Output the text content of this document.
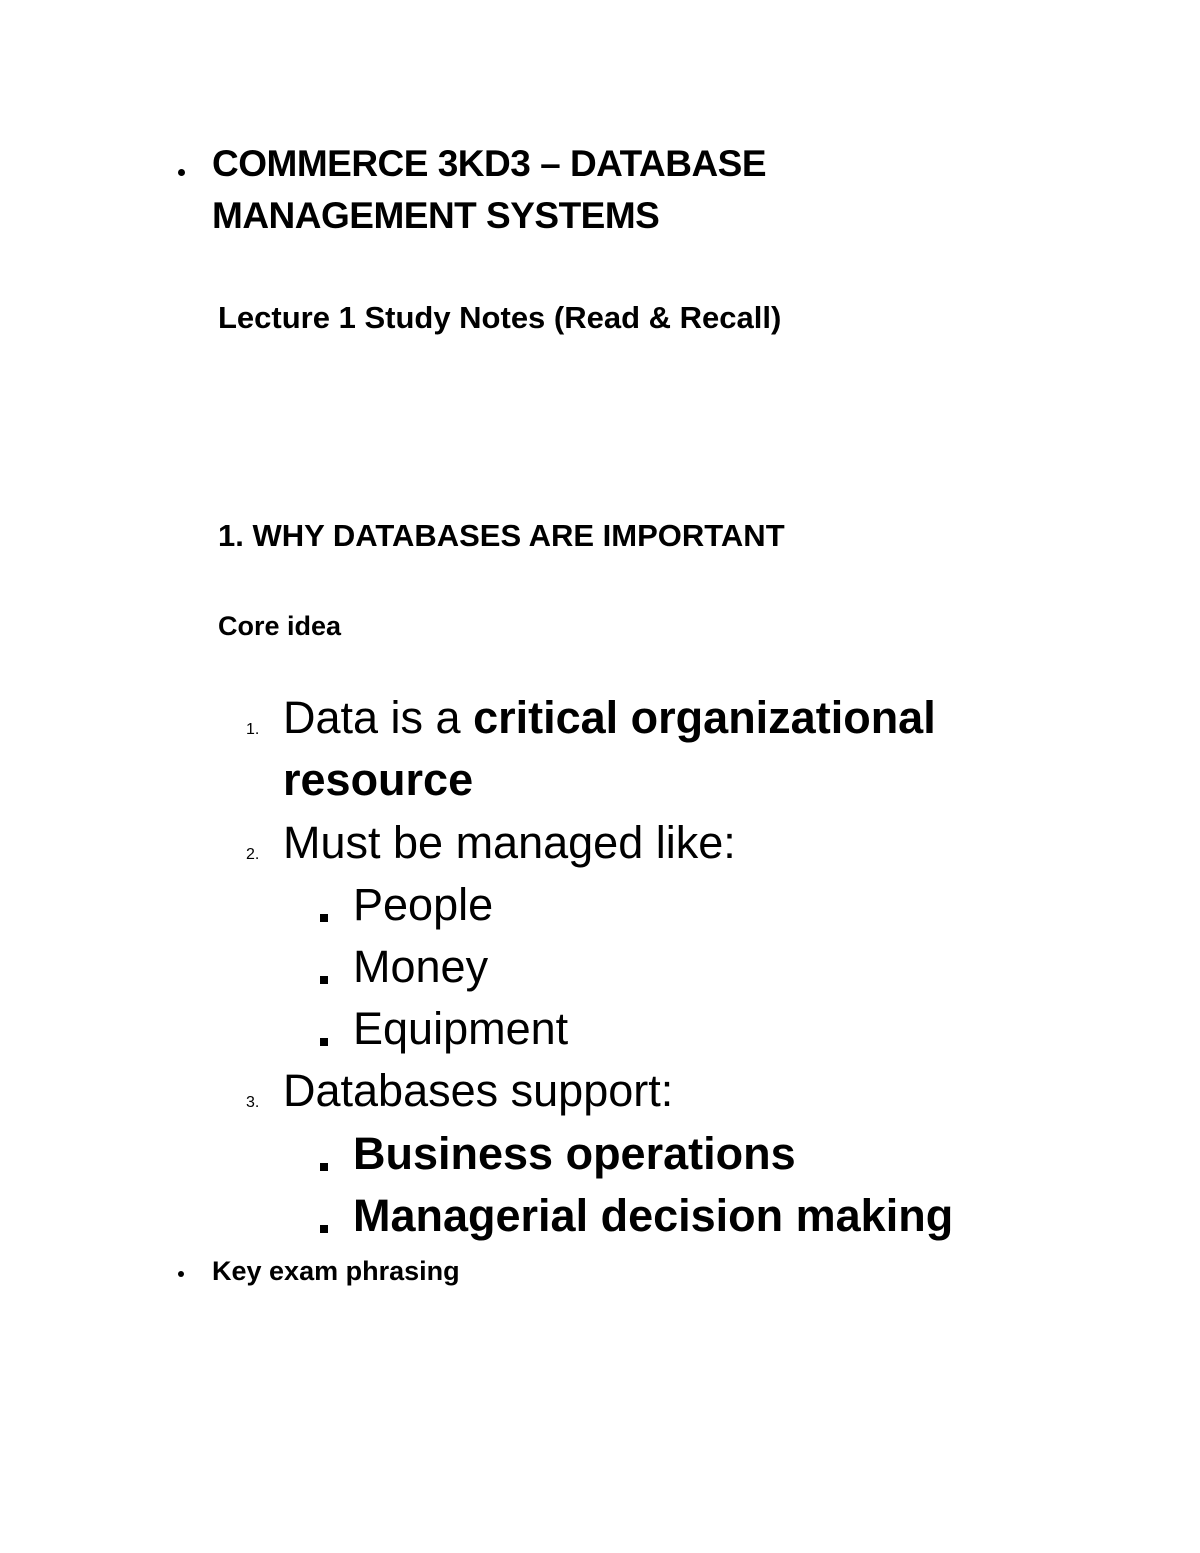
COMMERCE 3KD3 – DATABASE
MANAGEMENT SYSTEMS
Lecture 1 Study Notes (Read & Recall)
1. WHY DATABASES ARE IMPORTANT
Core idea
1. Data is a critical organizational
resource
2. Must be managed like:
People
Money
Equipment
3. Databases support:
Business operations
Managerial decision making
Key exam phrasing
